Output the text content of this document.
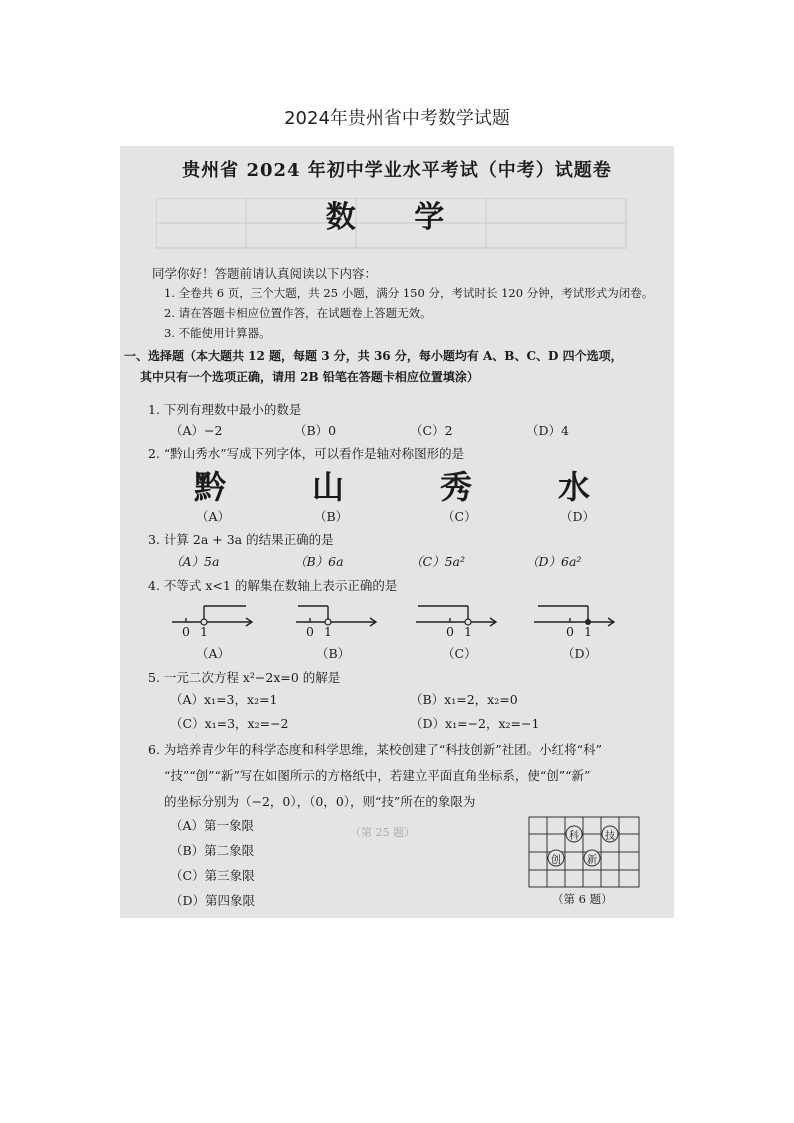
2024年贵州省中考数学试题
（第 25 题）
贵州省 2024 年初中学业水平考试（中考）试题卷
数 学
同学你好！答题前请认真阅读以下内容：
1. 全卷共 6 页，三个大题，共 25 小题，满分 150 分，考试时长 120 分钟，考试形式为闭卷。
2. 请在答题卡相应位置作答，在试题卷上答题无效。
3. 不能使用计算器。
一、选择题（本大题共 12 题，每题 3 分，共 36 分，每小题均有 A、B、C、D 四个选项，
其中只有一个选项正确，请用 2B 铅笔在答题卡相应位置填涂）
1. 下列有理数中最小的数是
（A）−2	（B）0	（C）2	（D）4
2. “黔山秀水”写成下列字体，可以看作是轴对称图形的是
黔	山	秀	水
（A）	（B）	（C）	（D）
3. 计算 2a + 3a 的结果正确的是
（A）5a	（B）6a	（C）5a²	（D）6a²
4. 不等式 x<1 的解集在数轴上表示正确的是
0 1	0 1	0 1	0 1
（A）	（B）	（C）	（D）
5. 一元二次方程 x²−2x=0 的解是
（A）x₁=3，x₂=1	（B）x₁=2，x₂=0
（C）x₁=3，x₂=−2	（D）x₁=−2，x₂=−1
6. 为培养青少年的科学态度和科学思维，某校创建了“科技创新”社团。小红将“科”
“技”“创”“新”写在如图所示的方格纸中，若建立平面直角坐标系，使“创”“新”
的坐标分别为（−2，0），（0，0），则“技”所在的象限为
（A）第一象限
（B）第二象限
（C）第三象限
（D）第四象限
科	技
创	新
（第 6 题）
